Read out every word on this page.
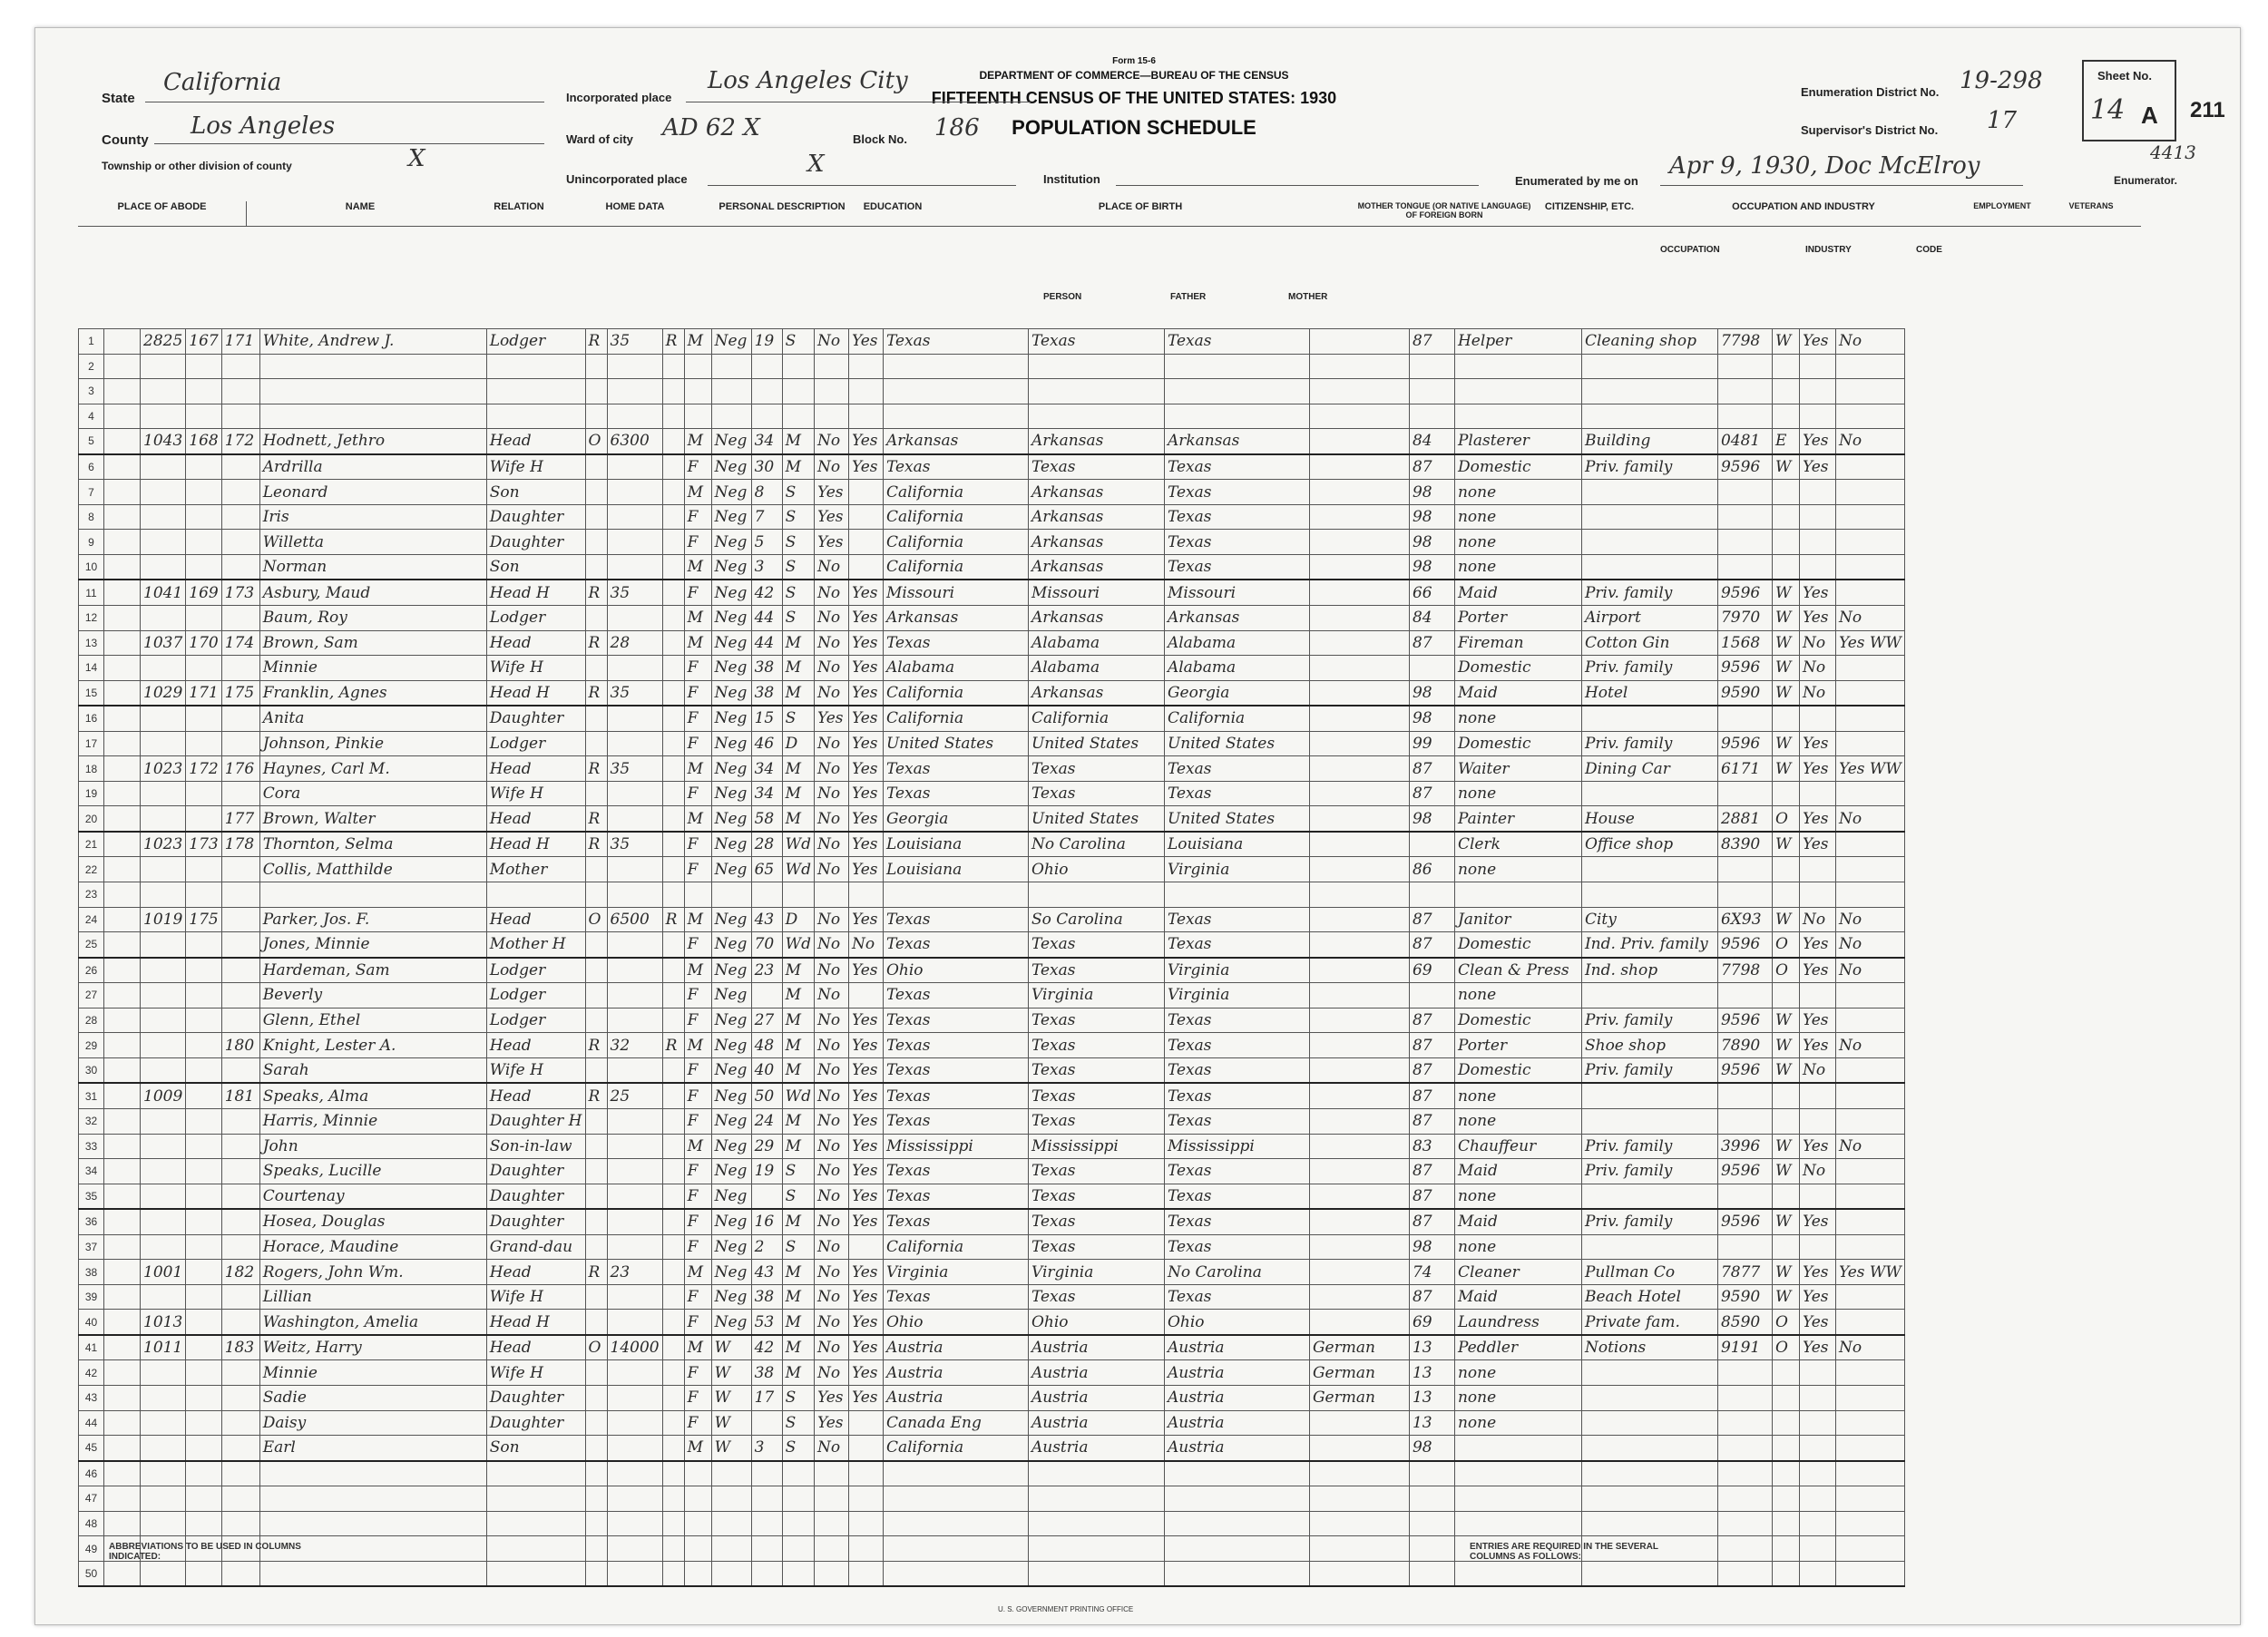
Form 15-6
DEPARTMENT OF COMMERCE—BUREAU OF THE CENSUS
FIFTEENTH CENSUS OF THE UNITED STATES: 1930
POPULATION SCHEDULE
State
California
County
Los Angeles
Township or other division of county	X
Incorporated place
Los Angeles City
Ward of city AD 62 X	Block No. 186
Unincorporated place
X
Institution
Enumeration District No. 19-298
Supervisor's District No. 17
Enumerated by me on
Apr 9, 1930, Doc McElroy
Enumerator.
Sheet No.
14 A 211
4413
PLACE OF ABODE	NAME	RELATION	HOME DATA	PERSONAL DESCRIPTION	EDUCATION	PLACE OF BIRTH	MOTHER TONGUE (OR NATIVE LANGUAGE) OF FOREIGN BORN
CITIZENSHIP, ETC.	OCCUPATION AND INDUSTRY	EMPLOYMENT	VETERANS
PERSON	FATHER	MOTHER
OCCUPATION	INDUSTRY	CODE
1		2825	167	171	White, Andrew J.	Lodger	R	35	R	M	Neg	19	S	No	Yes	Texas	Texas	Texas		87	Helper	Cleaning shop	7798	W	Yes	No
2																										
3																										
4																										
5		1043	168	172	Hodnett, Jethro	Head	O	6300		M	Neg	34	M	No	Yes	Arkansas	Arkansas	Arkansas		84	Plasterer	Building	0481	E	Yes	No
6					Ardrilla	Wife H				F	Neg	30	M	No	Yes	Texas	Texas	Texas		87	Domestic	Priv. family	9596	W	Yes	
7					Leonard	Son				M	Neg	8	S	Yes		California	Arkansas	Texas		98	none					
8					Iris	Daughter				F	Neg	7	S	Yes		California	Arkansas	Texas		98	none					
9					Willetta	Daughter				F	Neg	5	S	Yes		California	Arkansas	Texas		98	none					
10					Norman	Son				M	Neg	3	S	No		California	Arkansas	Texas		98	none					
11		1041	169	173	Asbury, Maud	Head H	R	35		F	Neg	42	S	No	Yes	Missouri	Missouri	Missouri		66	Maid	Priv. family	9596	W	Yes	
12					Baum, Roy	Lodger				M	Neg	44	S	No	Yes	Arkansas	Arkansas	Arkansas		84	Porter	Airport	7970	W	Yes	No
13		1037	170	174	Brown, Sam	Head	R	28		M	Neg	44	M	No	Yes	Texas	Alabama	Alabama		87	Fireman	Cotton Gin	1568	W	No	Yes WW
14					Minnie	Wife H				F	Neg	38	M	No	Yes	Alabama	Alabama	Alabama			Domestic	Priv. family	9596	W	No	
15		1029	171	175	Franklin, Agnes	Head H	R	35		F	Neg	38	M	No	Yes	California	Arkansas	Georgia		98	Maid	Hotel	9590	W	No	
16					Anita	Daughter				F	Neg	15	S	Yes	Yes	California	California	California		98	none					
17					Johnson, Pinkie	Lodger				F	Neg	46	D	No	Yes	United States	United States	United States		99	Domestic	Priv. family	9596	W	Yes	
18		1023	172	176	Haynes, Carl M.	Head	R	35		M	Neg	34	M	No	Yes	Texas	Texas	Texas		87	Waiter	Dining Car	6171	W	Yes	Yes WW
19					Cora	Wife H				F	Neg	34	M	No	Yes	Texas	Texas	Texas		87	none					
20				177	Brown, Walter	Head	R			M	Neg	58	M	No	Yes	Georgia	United States	United States		98	Painter	House	2881	O	Yes	No
21		1023	173	178	Thornton, Selma	Head H	R	35		F	Neg	28	Wd	No	Yes	Louisiana	No Carolina	Louisiana			Clerk	Office shop	8390	W	Yes	
22					Collis, Matthilde	Mother				F	Neg	65	Wd	No	Yes	Louisiana	Ohio	Virginia		86	none					
23																										
24		1019	175		Parker, Jos. F.	Head	O	6500	R	M	Neg	43	D	No	Yes	Texas	So Carolina	Texas		87	Janitor	City	6X93	W	No	No
25					Jones, Minnie	Mother H				F	Neg	70	Wd	No	No	Texas	Texas	Texas		87	Domestic	Ind. Priv. family	9596	O	Yes	No
26					Hardeman, Sam	Lodger				M	Neg	23	M	No	Yes	Ohio	Texas	Virginia		69	Clean & Press	Ind. shop	7798	O	Yes	No
27					Beverly	Lodger				F	Neg		M	No		Texas	Virginia	Virginia			none					
28					Glenn, Ethel	Lodger				F	Neg	27	M	No	Yes	Texas	Texas	Texas		87	Domestic	Priv. family	9596	W	Yes	
29				180	Knight, Lester A.	Head	R	32	R	M	Neg	48	M	No	Yes	Texas	Texas	Texas		87	Porter	Shoe shop	7890	W	Yes	No
30					Sarah	Wife H				F	Neg	40	M	No	Yes	Texas	Texas	Texas		87	Domestic	Priv. family	9596	W	No	
31		1009		181	Speaks, Alma	Head	R	25		F	Neg	50	Wd	No	Yes	Texas	Texas	Texas		87	none					
32					Harris, Minnie	Daughter H				F	Neg	24	M	No	Yes	Texas	Texas	Texas		87	none					
33					John	Son-in-law				M	Neg	29	M	No	Yes	Mississippi	Mississippi	Mississippi		83	Chauffeur	Priv. family	3996	W	Yes	No
34					Speaks, Lucille	Daughter				F	Neg	19	S	No	Yes	Texas	Texas	Texas		87	Maid	Priv. family	9596	W	No	
35					Courtenay	Daughter				F	Neg		S	No	Yes	Texas	Texas	Texas		87	none					
36					Hosea, Douglas	Daughter				F	Neg	16	M	No	Yes	Texas	Texas	Texas		87	Maid	Priv. family	9596	W	Yes	
37					Horace, Maudine	Grand-dau				F	Neg	2	S	No		California	Texas	Texas		98	none					
38		1001		182	Rogers, John Wm.	Head	R	23		M	Neg	43	M	No	Yes	Virginia	Virginia	No Carolina		74	Cleaner	Pullman Co	7877	W	Yes	Yes WW
39					Lillian	Wife H				F	Neg	38	M	No	Yes	Texas	Texas	Texas		87	Maid	Beach Hotel	9590	W	Yes	
40		1013			Washington, Amelia	Head H				F	Neg	53	M	No	Yes	Ohio	Ohio	Ohio		69	Laundress	Private fam.	8590	O	Yes	
41		1011		183	Weitz, Harry	Head	O	14000		M	W	42	M	No	Yes	Austria	Austria	Austria	German	13	Peddler	Notions	9191	O	Yes	No
42					Minnie	Wife H				F	W	38	M	No	Yes	Austria	Austria	Austria	German	13	none					
43					Sadie	Daughter				F	W	17	S	Yes	Yes	Austria	Austria	Austria	German	13	none					
44					Daisy	Daughter				F	W		S	Yes		Canada Eng	Austria	Austria		13	none					
45					Earl	Son				M	W	3	S	No		California	Austria	Austria		98						
46																										
47																										
48																										
49																										
50																										
ABBREVIATIONS TO BE USED IN COLUMNS INDICATED:
ENTRIES ARE REQUIRED IN THE SEVERAL COLUMNS AS FOLLOWS:
U. S. GOVERNMENT PRINTING OFFICE
